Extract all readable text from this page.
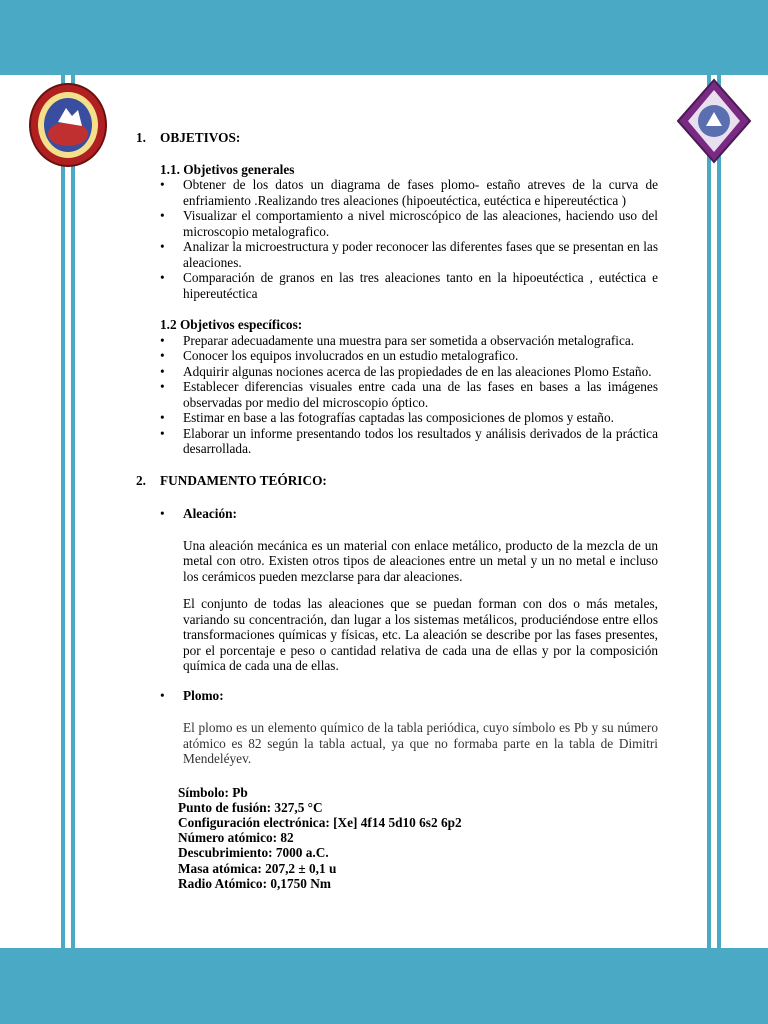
1.	OBJETIVOS:
1.1. Objetivos generales
• Obtener de los datos un diagrama de fases plomo- estaño atreves de la curva de enfriamiento .Realizando tres aleaciones (hipoeutéctica, eutéctica e hipereutéctica )
• Visualizar el comportamiento a nivel microscópico de las aleaciones, haciendo uso del microscopio metalografico.
• Analizar la microestructura y poder reconocer las diferentes fases que se presentan en las aleaciones.
• Comparación de granos en las tres aleaciones tanto en la hipoeutéctica , eutéctica e hipereutéctica
1.2 Objetivos específicos:
• Preparar adecuadamente una muestra para ser sometida a observación metalografica.
• Conocer los equipos involucrados en un estudio metalografico.
• Adquirir algunas nociones acerca de las propiedades de en las aleaciones Plomo Estaño.
• Establecer diferencias visuales entre cada una de las fases en bases a las imágenes observadas por medio del microscopio óptico.
• Estimar en base a las fotografías captadas las composiciones de plomos y estaño.
• Elaborar un informe presentando todos los resultados y análisis derivados de la práctica desarrollada.
2.	FUNDAMENTO TEÓRICO:
• Aleación:

Una aleación mecánica es un material con enlace metálico, producto de la mezcla de un metal con otro. Existen otros tipos de aleaciones entre un metal y un no metal e incluso los cerámicos pueden mezclarse para dar aleaciones.

El conjunto de todas las aleaciones que se puedan forman con dos o más metales, variando su concentración, dan lugar a los sistemas metálicos, produciéndose entre ellos transformaciones químicas y físicas, etc. La aleación se describe por las fases presentes, por el porcentaje e peso o cantidad relativa de cada una de ellas y por la composición química de cada una de ellas.

• Plomo:

El plomo es un elemento químico de la tabla periódica, cuyo símbolo es Pb y su número atómico es 82 según la tabla actual, ya que no formaba parte en la tabla de Dimitri Mendeléyev.

Símbolo: Pb
Punto de fusión: 327,5 °C
Configuración electrónica: [Xe] 4f14 5d10 6s2 6p2
Número atómico: 82
Descubrimiento: 7000 a.C.
Masa atómica: 207,2 ± 0,1 u
Radio Atómico: 0,1750 Nm
